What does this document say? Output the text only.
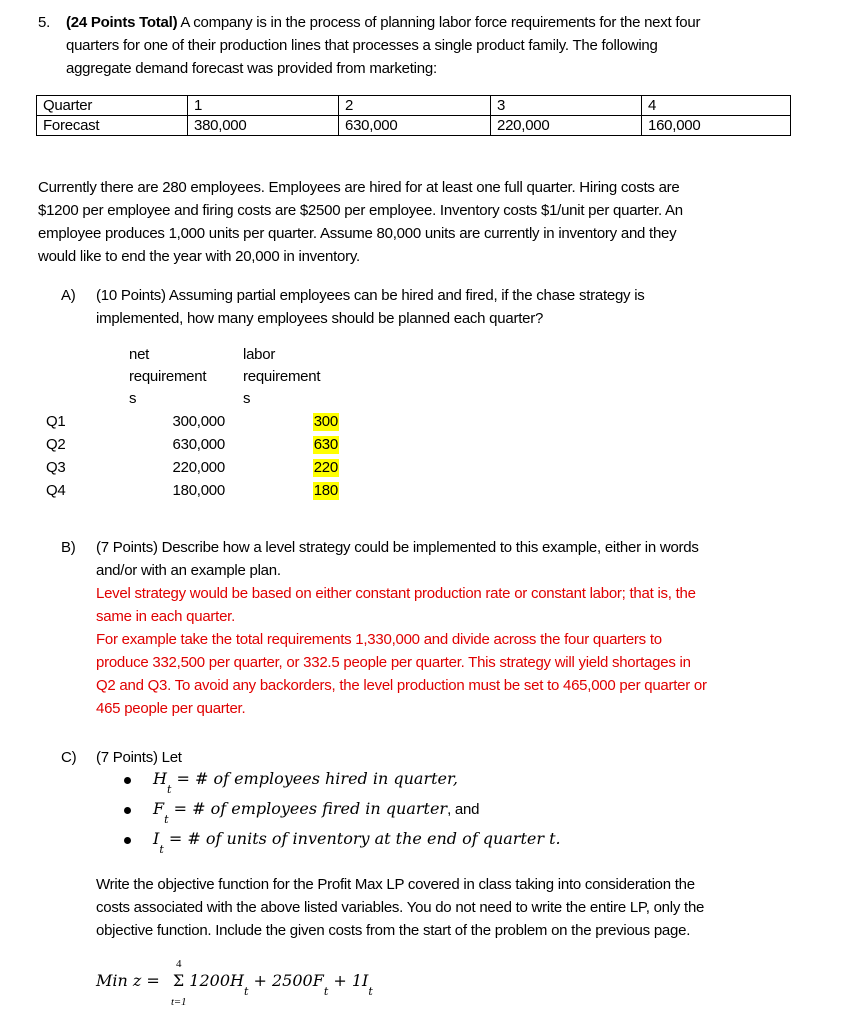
5. (24 Points Total) A company is in the process of planning labor force requirements for the next four
quarters for one of their production lines that processes a single product family. The following
aggregate demand forecast was provided from marketing:
Quarter	1	2	3	4
Forecast	380,000	630,000	220,000	160,000
Currently there are 280 employees. Employees are hired for at least one full quarter. Hiring costs are
$1200 per employee and firing costs are $2500 per employee. Inventory costs $1/unit per quarter. An
employee produces 1,000 units per quarter. Assume 80,000 units are currently in inventory and they
would like to end the year with 20,000 in inventory.
A) (10 Points) Assuming partial employees can be hired and fired, if the chase strategy is
implemented, how many employees should be planned each quarter?
net
requirement
s
labor
requirement
s
Q1	300,000	300
Q2	630,000	630
Q3	220,000	220
Q4	180,000	180
B) (7 Points) Describe how a level strategy could be implemented to this example, either in words
and/or with an example plan.
Level strategy would be based on either constant production rate or constant labor; that is, the
same in each quarter.
For example take the total requirements 1,330,000 and divide across the four quarters to
produce 332,500 per quarter, or 332.5 people per quarter. This strategy will yield shortages in
Q2 and Q3. To avoid any backorders, the level production must be set to 465,000 per quarter or
465 people per quarter.
C) (7 Points) Let
$H_t$ = # of employees hired in quarter,
$F_t$ = # of employees fired in quarter, and
$I_t$ = # of units of inventory at the end of quarter t.
Write the objective function for the Profit Max LP covered in class taking into consideration the
costs associated with the above listed variables. You do not need to write the entire LP, only the
objective function. Include the given costs from the start of the problem on the previous page.
4
Min z = Σ $1200H_t + 2500F_t + 1I_t$
t=1
